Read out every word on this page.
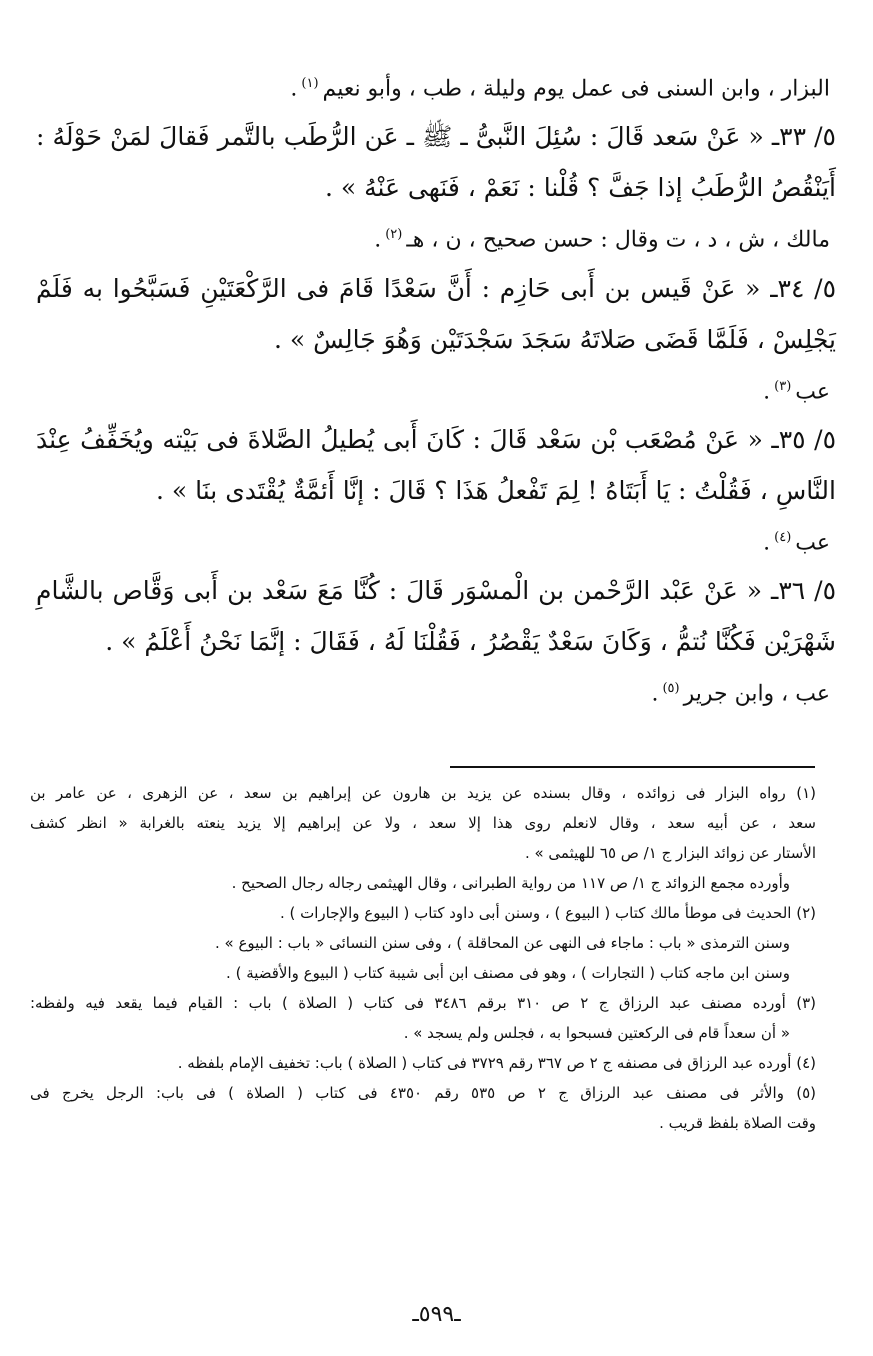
البزار ، وابن السنى فى عمل يوم وليلة ، طب ، وأبو نعيم$^{(١)}$.
٥/ ٣٣ـ « عَنْ سَعد قَالَ : سُئِلَ النَّبىُّ ـ ﷺ ـ عَن الرُّطَب بالتَّمر فَقالَ لمَنْ حَوْلَهُ :
أَيَنْقُصُ الرُّطَبُ إذا جَفَّ ؟ قُلْنا : نَعَمْ ، فَنَهى عَنْهُ » .
مالك ، ش ، د ، ت وقال : حسن صحيح ، ن ، هـ$^{(٢)}$.
٥/ ٣٤ـ « عَنْ قَيس بن أَبى حَازِم : أَنَّ سَعْدًا قَامَ فى الرَّكْعَتَيْنِ فَسَبَّحُوا به فَلَمْ
يَجْلِسْ ، فَلَمَّا قَضَى صَلاتَهُ سَجَدَ سَجْدَتَيْن وَهُوَ جَالِسٌ » .
عب$^{(٣)}$.
٥/ ٣٥ـ « عَنْ مُصْعَب بْن سَعْد قَالَ : كَانَ أَبى يُطيلُ الصَّلاةَ فى بَيْته ويُخَفِّفُ عِنْدَ
النَّاسِ ، فَقُلْتُ : يَا أَبَتَاهُ ! لِمَ تَفْعلُ هَذَا ؟ قَالَ : إنَّا أَئمَّةٌ يُقْتَدى بنَا » .
عب$^{(٤)}$.
٥/ ٣٦ـ « عَنْ عَبْد الرَّحْمن بن الْمسْوَر قَالَ : كُنَّا مَعَ سَعْد بن أَبى وَقَّاص بالشَّامِ
شَهْرَيْن فَكُنَّا نُتمُّ ، وَكَانَ سَعْدٌ يَقْصُرُ ، فَقُلْنَا لَهُ ، فَقَالَ : إنَّمَا نَحْنُ أَعْلَمُ » .
عب ، وابن جرير$^{(٥)}$.
(١) رواه البزار فى زوائده ، وقال بسنده عن يزيد بن هارون عن إبراهيم بن سعد ، عن الزهرى ، عن عامر بن
سعد ، عن أبيه سعد ، وقال لانعلم روى هذا إلا سعد ، ولا عن إبراهيم إلا يزيد ينعته بالغرابة « انظر كشف
الأستار عن زوائد البزار ج ١/ ص ٦٥ للهيثمى » .
وأورده مجمع الزوائد ج ١/ ص ١١٧ من رواية الطبرانى ، وقال الهيثمى رجاله رجال الصحيح .
(٢) الحديث فى موطأ مالك كتاب ( البيوع ) ، وسنن أبى داود كتاب ( البيوع والإجارات ) .
وسنن الترمذى « باب : ماجاء فى النهى عن المحاقلة ) ، وفى سنن النسائى « باب : البيوع » .
وسنن ابن ماجه كتاب ( التجارات ) ، وهو فى مصنف ابن أبى شيبة كتاب ( البيوع والأقضية ) .
(٣) أورده مصنف عبد الرزاق ج ٢ ص ٣١٠ برقم ٣٤٨٦ فى كتاب ( الصلاة ) باب : القيام فيما يقعد فيه ولفظه:
« أن سعداً قام فى الركعتين فسبحوا به ، فجلس ولم يسجد » .
(٤) أورده عبد الرزاق فى مصنفه ج ٢ ص ٣٦٧ رقم ٣٧٢٩ فى كتاب ( الصلاة ) باب: تخفيف الإمام بلفظه .
(٥) والأثر فى مصنف عبد الرزاق ج ٢ ص ٥٣٥ رقم ٤٣٥٠ فى كتاب ( الصلاة ) فى باب: الرجل يخرج فى
وقت الصلاة بلفظ قريب .
ـ٥٩٩ـ
